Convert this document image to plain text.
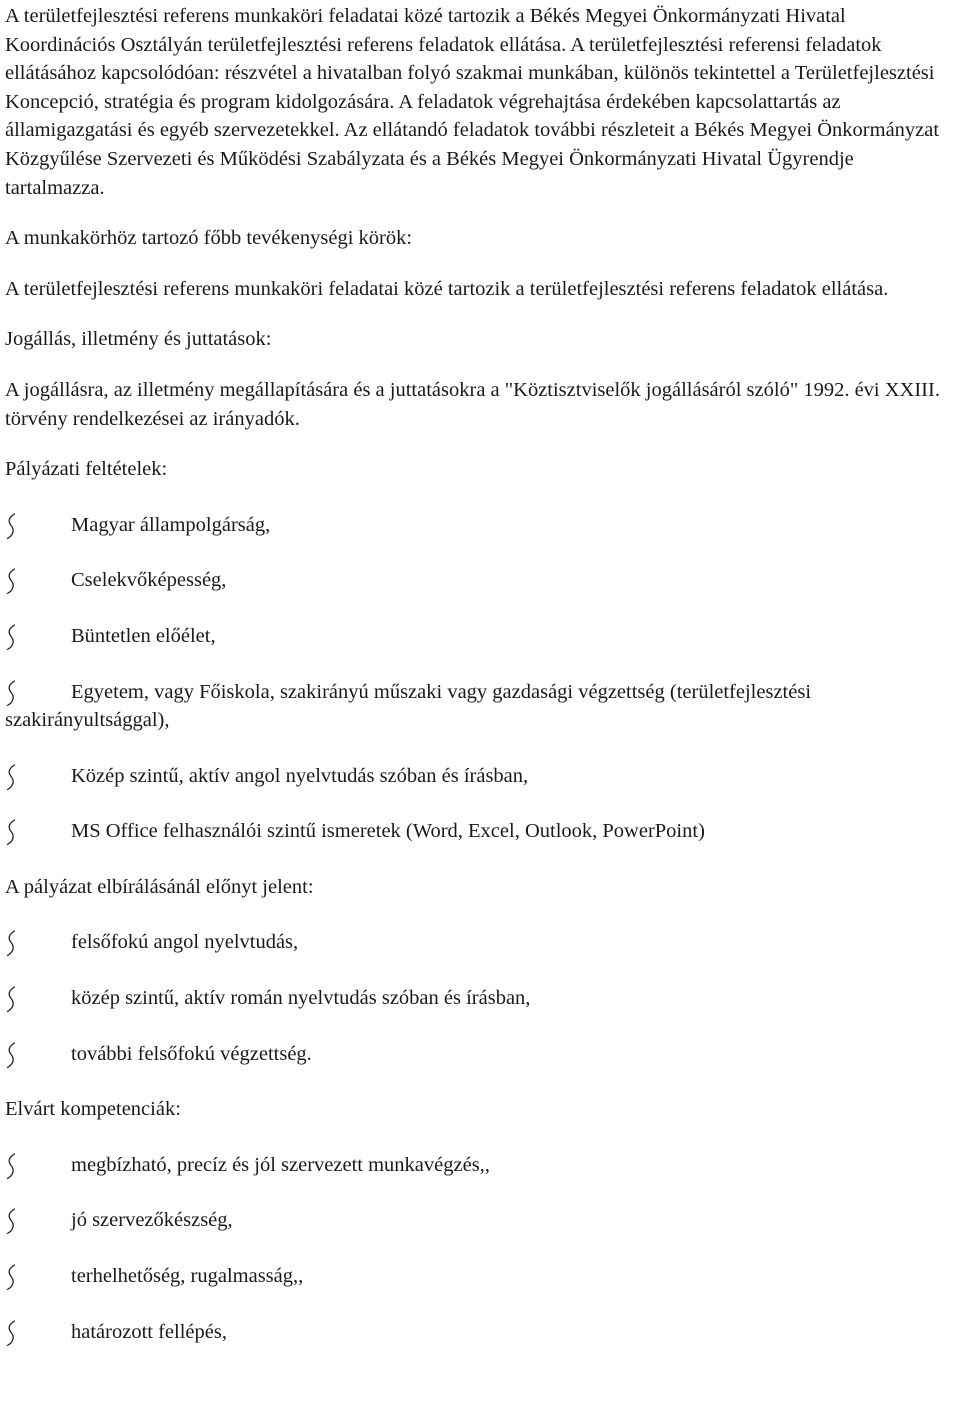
A területfejlesztési referens munkaköri feladatai közé tartozik a Békés Megyei Önkormányzati Hivatal Koordinációs Osztályán területfejlesztési referens feladatok ellátása. A területfejlesztési referensi feladatok ellátásához kapcsolódóan: részvétel a hivatalban folyó szakmai munkában, különös tekintettel a Területfejlesztési Koncepció, stratégia és program kidolgozására. A feladatok végrehajtása érdekében kapcsolattartás az államigazgatási és egyéb szervezetekkel. Az ellátandó feladatok további részleteit a Békés Megyei Önkormányzat Közgyűlése Szervezeti és Működési Szabályzata és a Békés Megyei Önkormányzati Hivatal Ügyrendje tartalmazza.

A munkakörhöz tartozó főbb tevékenységi körök:

A területfejlesztési referens munkaköri feladatai közé tartozik a területfejlesztési referens feladatok ellátása.

Jogállás, illetmény és juttatások:

A jogállásra, az illetmény megállapítására és a juttatásokra a "Köztisztviselők jogállásáról szóló" 1992. évi XXIII. törvény rendelkezései az irányadók.

Pályázati feltételek:

Magyar állampolgárság,
Cselekvőképesség,
Büntetlen előélet,
Egyetem, vagy Főiskola, szakirányú műszaki vagy gazdasági végzettség (területfejlesztési szakirányultsággal),
Közép szintű, aktív angol nyelvtudás szóban és írásban,
MS Office felhasználói szintű ismeretek (Word, Excel, Outlook, PowerPoint)

A pályázat elbírálásánál előnyt jelent:

felsőfokú angol nyelvtudás,
közép szintű, aktív román nyelvtudás szóban és írásban,
további felsőfokú végzettség.

Elvárt kompetenciák:

megbízható, precíz és jól szervezett munkavégzés,,
jó szervezőkészség,
terhelhetőség, rugalmasság,,
határozott fellépés,
